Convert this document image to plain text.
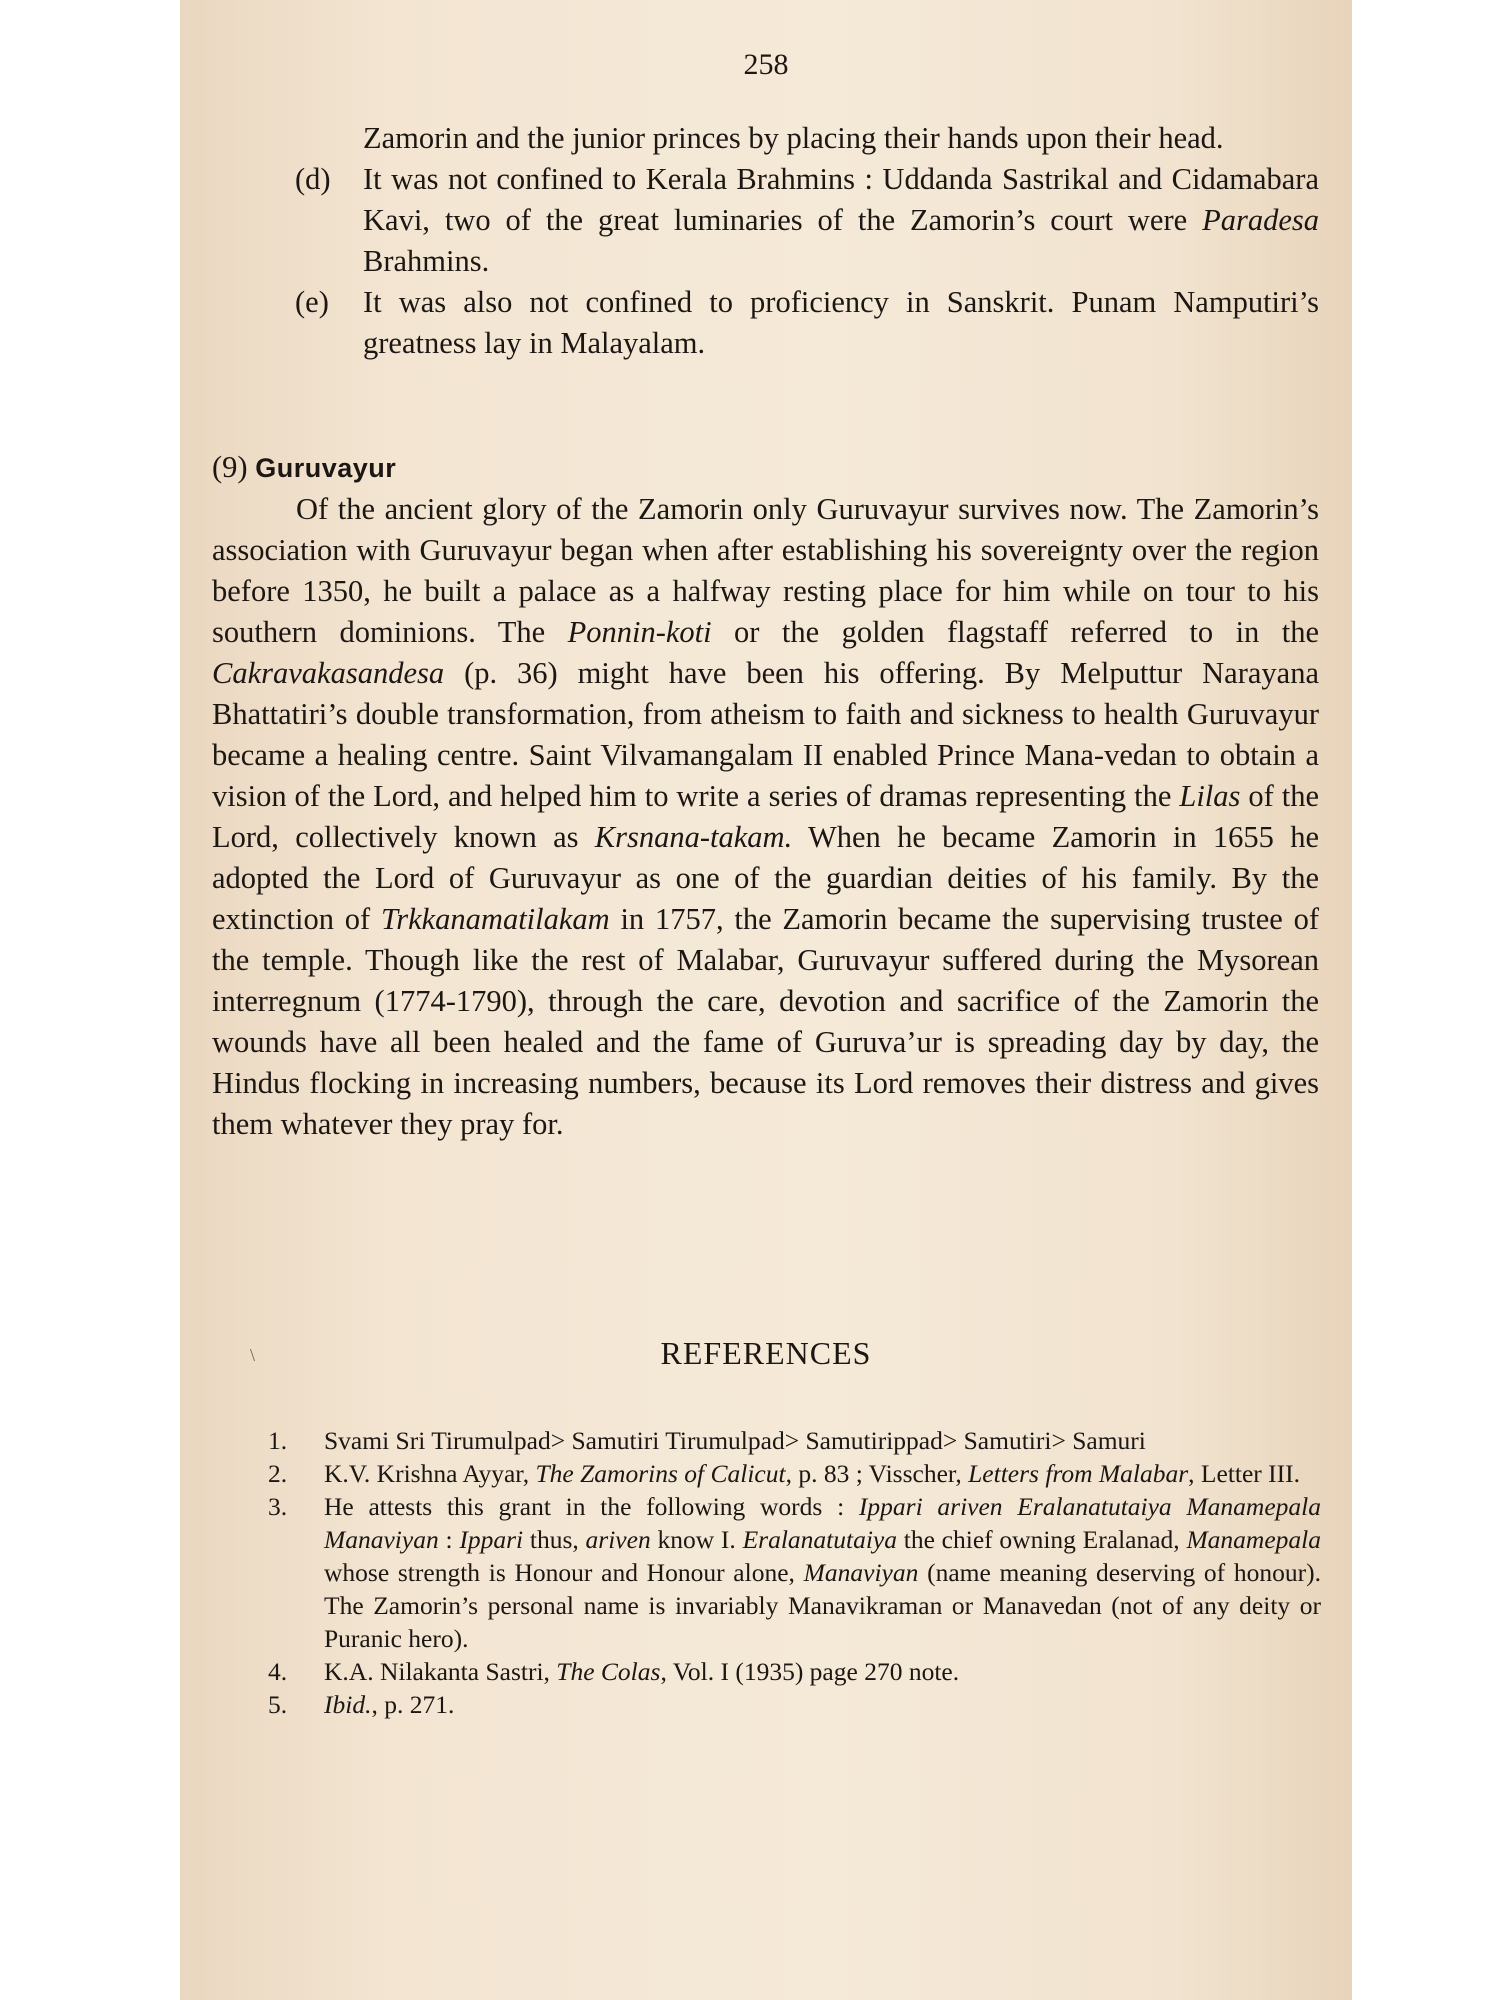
258
Zamorin and the junior princes by placing their hands upon their head.
(d) It was not confined to Kerala Brahmins : Uddanda Sastrikal and Cidamabara Kavi, two of the great luminaries of the Zamorin’s court were Paradesa Brahmins.
(e) It was also not confined to proficiency in Sanskrit. Punam Namputiri’s greatness lay in Malayalam.
(9) Guruvayur
Of the ancient glory of the Zamorin only Guruvayur survives now. The Zamorin’s association with Guruvayur began when after establishing his sovereignty over the region before 1350, he built a palace as a halfway resting place for him while on tour to his southern dominions. The Ponnin-koti or the golden flagstaff referred to in the Cakravakasandesa (p. 36) might have been his offering. By Melputtur Narayana Bhattatiri’s double transformation, from atheism to faith and sickness to health Guruvayur became a healing centre. Saint Vilvamangalam II enabled Prince Mana-vedan to obtain a vision of the Lord, and helped him to write a series of dramas representing the Lilas of the Lord, collectively known as Krsnana-takam. When he became Zamorin in 1655 he adopted the Lord of Guruvayur as one of the guardian deities of his family. By the extinction of Trkkanamatilakam in 1757, the Zamorin became the supervising trustee of the temple. Though like the rest of Malabar, Guruvayur suffered during the Mysorean interregnum (1774-1790), through the care, devotion and sacrifice of the Zamorin the wounds have all been healed and the fame of Guruva’ur is spreading day by day, the Hindus flocking in increasing numbers, because its Lord removes their distress and gives them whatever they pray for.
\	REFERENCES
1. Svami Sri Tirumulpad> Samutiri Tirumulpad> Samutirippad> Samutiri> Samuri
2. K.V. Krishna Ayyar, The Zamorins of Calicut, p. 83 ; Visscher, Letters from Malabar, Letter III.
3. He attests this grant in the following words : Ippari ariven Eralanatutaiya Manamepala Manaviyan : Ippari thus, ariven know I. Eralanatutaiya the chief owning Eralanad, Manamepala whose strength is Honour and Honour alone, Manaviyan (name meaning deserving of honour). The Zamorin’s personal name is invariably Manavikraman or Manavedan (not of any deity or Puranic hero).
4. K.A. Nilakanta Sastri, The Colas, Vol. I (1935) page 270 note.
5. Ibid., p. 271.
